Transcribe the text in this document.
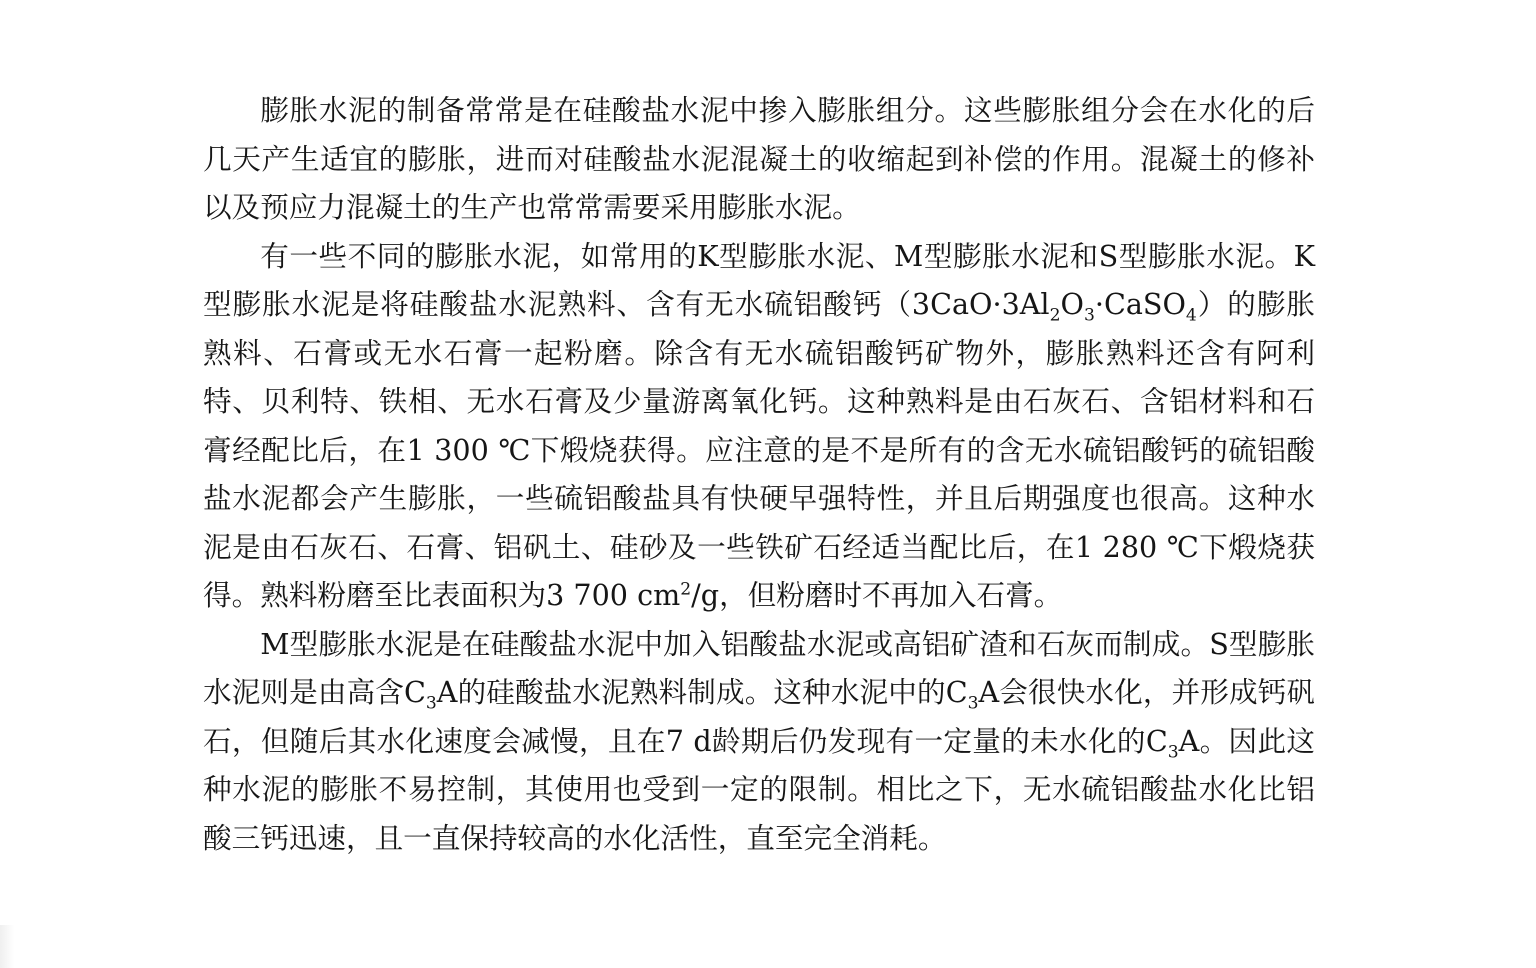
膨胀水泥的制备常常是在硅酸盐水泥中掺入膨胀组分。这些膨胀组分会在水化的后几天产生适宜的膨胀，进而对硅酸盐水泥混凝土的收缩起到补偿的作用。混凝土的修补以及预应力混凝土的生产也常常需要采用膨胀水泥。

有一些不同的膨胀水泥，如常用的K型膨胀水泥、M型膨胀水泥和S型膨胀水泥。K型膨胀水泥是将硅酸盐水泥熟料、含有无水硫铝酸钙$(3CaO\cdot 3Al_2O_3\cdot CaSO_4)$的膨胀熟料、石膏或无水石膏一起粉磨。除含有无水硫铝酸钙矿物外，膨胀熟料还含有阿利特、贝利特、铁相、无水石膏及少量游离氧化钙。这种熟料是由石灰石、含铝材料和石膏经配比后，在1 300 ℃下煅烧获得。应注意的是不是所有的含无水硫铝酸钙的硫铝酸盐水泥都会产生膨胀，一些硫铝酸盐具有快硬早强特性，并且后期强度也很高。这种水泥是由石灰石、石膏、铝矾土、硅砂及一些铁矿石经适当配比后，在1 280 ℃下煅烧获得。熟料粉磨至比表面积为3 700 $cm^2/g$，但粉磨时不再加入石膏。

M型膨胀水泥是在硅酸盐水泥中加入铝酸盐水泥或高铝矿渣和石灰而制成。S型膨胀水泥则是由高含$C_3A$的硅酸盐水泥熟料制成。这种水泥中的$C_3A$会很快水化，并形成钙矾石，但随后其水化速度会减慢，且在7 d龄期后仍发现有一定量的未水化的$C_3A$。因此这种水泥的膨胀不易控制，其使用也受到一定的限制。相比之下，无水硫铝酸盐水化比铝酸三钙迅速，且一直保持较高的水化活性，直至完全消耗。
